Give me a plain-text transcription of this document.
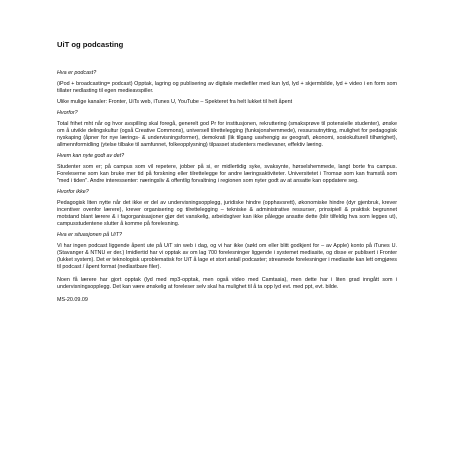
UiT og podcasting
Hva er podcast?
(iPod + broadcasting= podcast) Opptak, lagring og publisering av digitale mediefiler med kun lyd, lyd + skjermbilde, lyd + video i en form som tillater nedlasting til egen medieavspiller.
Ulike mulige kanaler: Fronter, UiTs web, iTunes U, YouTube – Spekteret fra helt lukket til helt åpent
Hvorfor?
Total frihet mht når og hvor avspilling skal foregå, generelt god Pr for institusjonen, rekruttering (smaksprøve til potensielle studenter), ønske om å utvikle delingskultur (også Creative Commons), universell tilrettelegging (funksjonshemmede), ressursutnytting, mulighet for pedagogisk nyskaping (åpner for nye lærings- & undervisningsformer), demokrati (lik tilgang uavhengig av geografi, økonomi, sosiokulturell tilhørighet), allmennformidling (ytelse tilbake til samfunnet, folkeopplysning) tilpasset studenters medievaner, effektiv læring.
Hvem kan nyte godt av det?
Studenter som er; på campus som vil repetere, jobber på si, er midlertidig syke, svaksynte, hørselshemmede, langt borte fra campus. Foreleserne som kan bruke mer tid på forskning eller tilrettelegge for andre læringsaktiviteter. Universitetet i Tromsø som kan framstå som "med i tiden". Andre interessenter: næringsliv & offentlig forvaltning i regionen som nyter godt av at ansatte kan oppdatere seg.
Hvorfor ikke?
Pedagogisk liten nytte når det ikke er del av undervisningsopplegg, juridiske hindre (opphavsrett), økonomiske hindre (dyr gjenbruk, krever incentiver ovenfor lærere), krever organisering og tilrettelegging – tekniske & administrative ressurser, prinsipiell & praktisk begrunnet motstand blant lærere & i fagorganisasjoner gjør det vanskelig, arbeidsgiver kan ikke pålegge ansatte dette (blir tilfeldig hva som legges ut), campusstudentene slutter å komme på forelesning.
Hva er situasjonen på UiT?
Vi har ingen podcast liggende åpent ute på UiT sin web i dag, og vi har ikke (søkt om eller blitt godkjent for – av Apple) konto på iTunes U. (Stavanger & NTNU er der.) Imidlertid har vi opptak av om lag 700 forelesninger liggende i systemet mediasite, og disse er publisert i Fronter (lukket system). Det er teknologisk uproblematisk for UiT å lage et stort antall podcaster; streamede forelesninger i mediasite kan lett omgjøres til podcast / åpent format (nedlastbare filer).
Noen få lærere har gjort opptak (lyd med mp3-opptak, men også video med Camtasia), men dette har i liten grad inngått som i undervisningsopplegg. Det kan være ønskelig at foreleser selv skal ha mulighet til å ta opp lyd evt. med ppt, evt. bilde.
MS-20.09.09
